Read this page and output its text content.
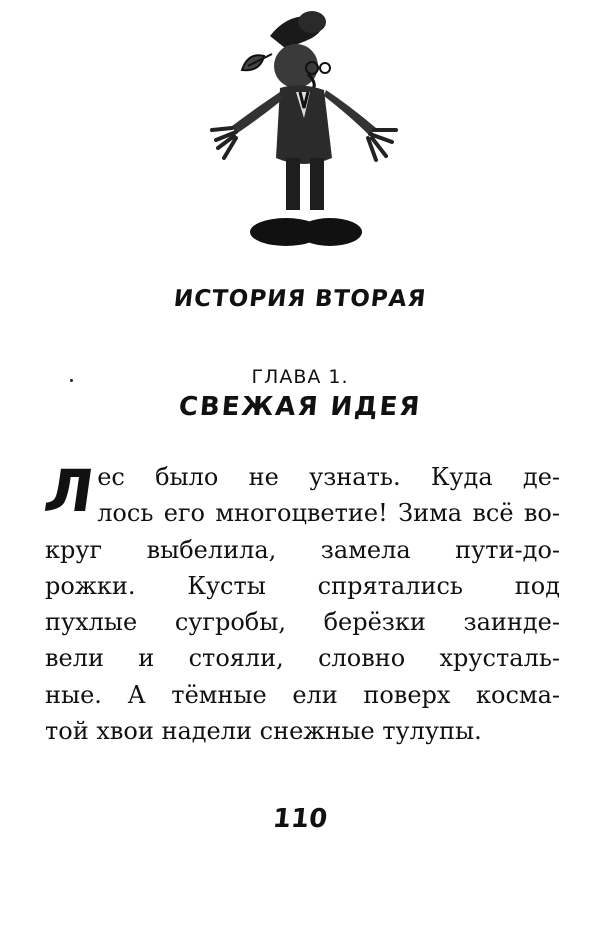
ИСТОРИЯ ВТОРАЯ
ГЛАВА 1.
СВЕЖАЯ ИДЕЯ
Л ес было не узнать. Куда де-
лось его многоцветие! Зима всё во-
круг выбелила, замела пути-до-
рожки. Кусты спрятались под
пухлые сугробы, берёзки заинде-
вели и стояли, словно хрусталь-
ные. А тёмные ели поверх косма-
той хвои надели снежные тулупы.
110
